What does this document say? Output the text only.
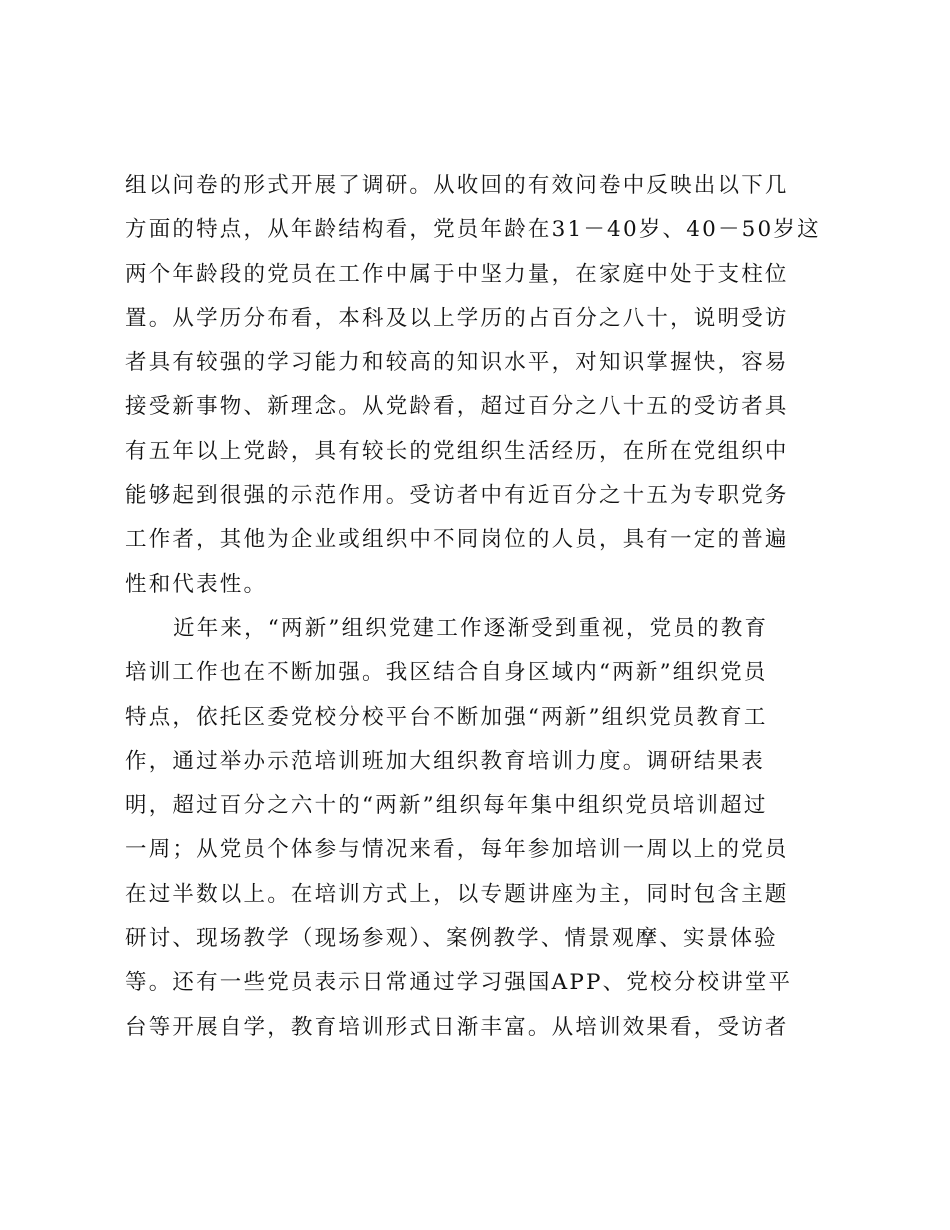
组以问卷的形式开展了调研。从收回的有效问卷中反映出以下几
方面的特点，从年龄结构看，党员年龄在31－40岁、40－50岁这
两个年龄段的党员在工作中属于中坚力量，在家庭中处于支柱位
置。从学历分布看，本科及以上学历的占百分之八十，说明受访
者具有较强的学习能力和较高的知识水平，对知识掌握快，容易
接受新事物、新理念。从党龄看，超过百分之八十五的受访者具
有五年以上党龄，具有较长的党组织生活经历，在所在党组织中
能够起到很强的示范作用。受访者中有近百分之十五为专职党务
工作者，其他为企业或组织中不同岗位的人员，具有一定的普遍
性和代表性。
近年来，“两新”组织党建工作逐渐受到重视，党员的教育
培训工作也在不断加强。我区结合自身区域内“两新”组织党员
特点，依托区委党校分校平台不断加强“两新”组织党员教育工
作，通过举办示范培训班加大组织教育培训力度。调研结果表
明，超过百分之六十的“两新”组织每年集中组织党员培训超过
一周；从党员个体参与情况来看，每年参加培训一周以上的党员
在过半数以上。在培训方式上，以专题讲座为主，同时包含主题
研讨、现场教学（现场参观）、案例教学、情景观摩、实景体验
等。还有一些党员表示日常通过学习强国APP、党校分校讲堂平
台等开展自学，教育培训形式日渐丰富。从培训效果看，受访者
